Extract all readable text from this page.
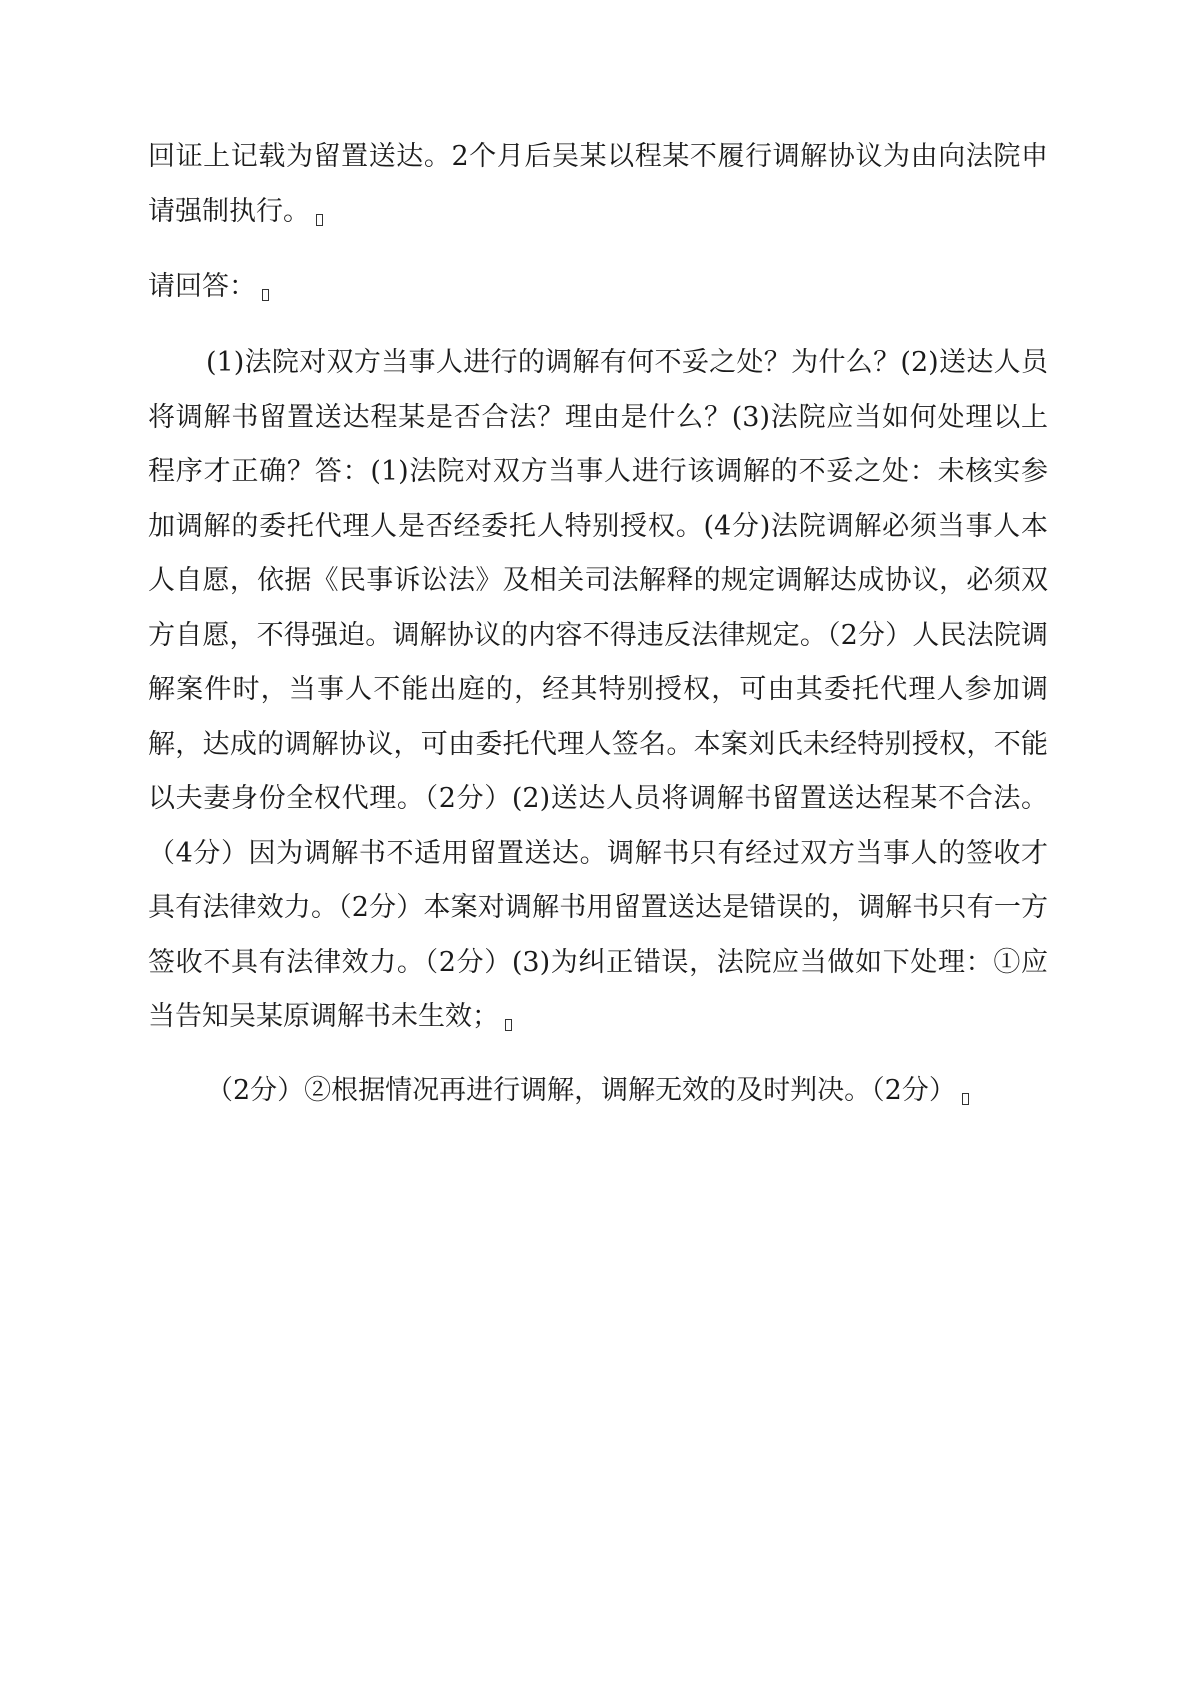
回证上记载为留置送达。2个月后吴某以程某不履行调解协议为由向法院申请强制执行。

请回答：

(1)法院对双方当事人进行的调解有何不妥之处？为什么？(2)送达人员将调解书留置送达程某是否合法？理由是什么？(3)法院应当如何处理以上程序才正确？答：(1)法院对双方当事人进行该调解的不妥之处：未核实参加调解的委托代理人是否经委托人特别授权。(4分)法院调解必须当事人本人自愿，依据《民事诉讼法》及相关司法解释的规定调解达成协议，必须双方自愿，不得强迫。调解协议的内容不得违反法律规定。（2分）人民法院调解案件时，当事人不能出庭的，经其特别授权，可由其委托代理人参加调解，达成的调解协议，可由委托代理人签名。本案刘氏未经特别授权，不能以夫妻身份全权代理。（2分）(2)送达人员将调解书留置送达程某不合法。（4分）因为调解书不适用留置送达。调解书只有经过双方当事人的签收才具有法律效力。（2分）本案对调解书用留置送达是错误的，调解书只有一方签收不具有法律效力。（2分）(3)为纠正错误，法院应当做如下处理：①应当告知吴某原调解书未生效；

（2分）②根据情况再进行调解，调解无效的及时判决。（2分）
